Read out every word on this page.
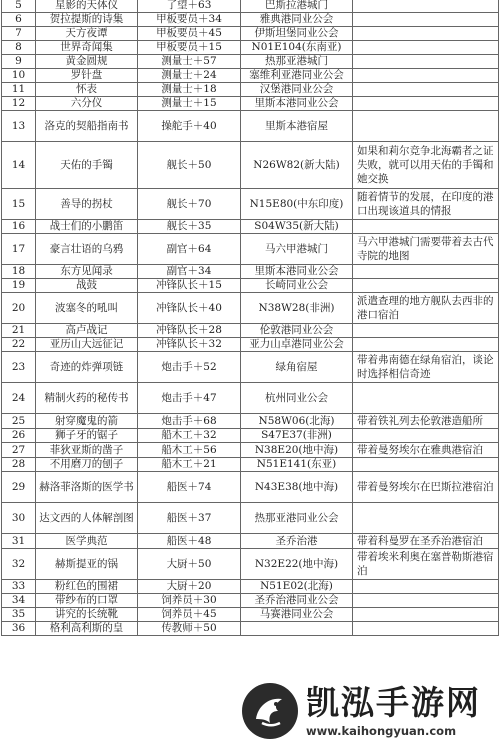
5	星影的天体仪	了望＋63	巴斯拉港城门	
6	贺拉提斯的诗集	甲板要员＋34	雅典港同业公会	
7	天方夜谭	甲板要员＋45	伊斯坦堡同业公会	
8	世界奇闻集	甲板要员＋15	N01E104(东南亚)	
9	黄金圆规	测量士＋57	热那亚港城门	
10	罗针盘	测量士＋24	塞维利亚港同业公会	
11	怀表	测量士＋18	汉堡港同业公会	
12	六分仪	测量士＋15	里斯本港同业公会	
13	洛克的契船指南书	操舵手＋40	里斯本港宿屋	
14	天佑的手镯	舰长＋50	N26W82(新大陆)	如果和莉尔竞争北海霸者之证失败，就可以用天佑的手镯和她交换
15	善导的拐杖	舰长＋70	N15E80(中东印度)	随着情节的发展，在印度的港口出现该道具的情报
16	战士们的小鹏笛	舰长＋35	S04W35(新大陆)	
17	豪言壮语的乌鸦	副官＋64	马六甲港城门	马六甲港城门需要带着去古代寺院的地图
18	东方见闻录	副官＋34	里斯本港同业公会	
19	战鼓	冲锋队长＋15	长崎同业公会	
20	波塞冬的吼叫	冲锋队长＋40	N38W28(非洲)	派遣查理的地方舰队去西非的港口宿泊
21	高卢战记	冲锋队长＋28	伦敦港同业公会	
22	亚历山大远征记	冲锋队长＋32	亚力山卓港同业公会	
23	奇迹的炸弹项链	炮击手＋52	绿角宿屋	带着弗南德在绿角宿泊，谈论时选择相信奇迹
24	精制火药的秘传书	炮击手＋47	杭州同业公会	
25	射穿魔鬼的箭	炮击手＋68	N58W06(北海)	带着铁礼列去伦敦港造船所
26	狮子牙的锯子	船木工＋32	S47E37(非洲)	
27	菲狄亚斯的凿子	船木工＋56	N38E20(地中海)	带着曼努埃尔在雅典港宿泊
28	不用磨刀的刨子	船木工＋21	N51E141(东亚)	
29	赫洛菲洛斯的医学书	船医＋74	N43E38(地中海)	带着曼努埃尔在巴斯拉港宿泊
30	达文西的人体解剖图	船医＋37	热那亚港同业公会	
31	医学典范	船医＋48	圣乔治港	带着科曼罗在圣乔治港宿泊
32	赫斯提亚的锅	大厨＋50	N32E22(地中海)	带着埃米利奥在塞普勒斯港宿泊
33	粉红色的围裙	大厨＋20	N51E02(北海)	
34	带纱布的口罩	饲养员＋30	圣乔治港同业公会	
35	讲究的长统靴	饲养员＋45	马赛港同业公会	
36	格利高利斯的皇	传教师＋50		
凯泓手游网
www.kaihongyuan.com
